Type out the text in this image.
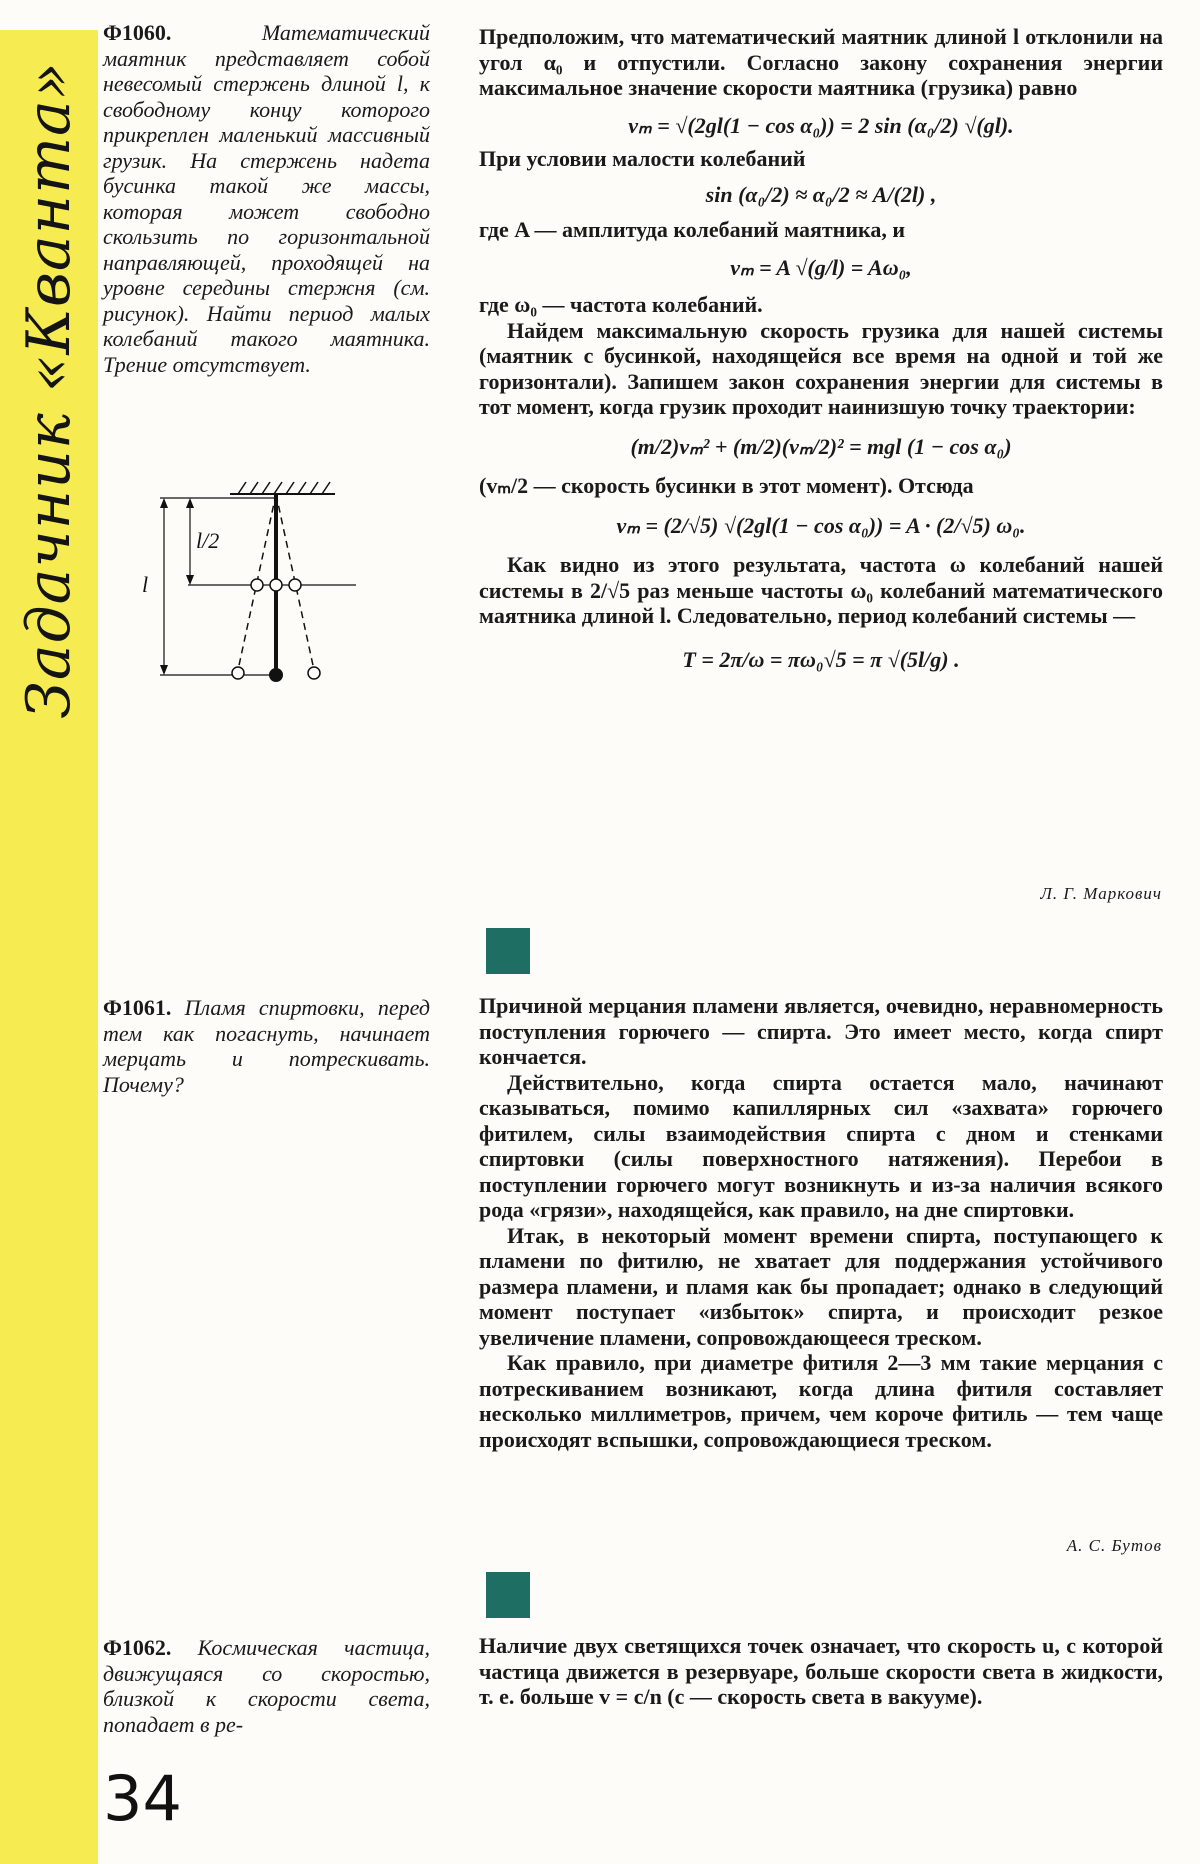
Задачник «Кванта»
Ф1060.	Математический маятник представляет собой невесомый стержень длиной l, к свободному концу которого прикреплен маленький массивный грузик. На стержень надета бусинка такой же массы, которая может свободно скользить по горизонтальной направляющей, проходящей на уровне середины стержня (см. рисунок). Найти период малых колебаний такого маятника. Трение отсутствует.
l
l/2

Предположим, что математический маятник длиной l отклонили на угол α₀ и отпустили. Согласно закону сохранения энергии максимальное значение скорости маятника (грузика) равно

vₘ = √(2gl(1 − cos α₀)) = 2 sin (α₀/2) √(gl).

При условии малости колебаний

sin (α₀/2) ≈ α₀/2 ≈ A/(2l) ,

где A — амплитуда колебаний маятника, и

vₘ = A √(g/l) = Aω₀,

где ω₀ — частота колебаний.

Найдем максимальную скорость грузика для нашей системы (маятник с бусинкой, находящейся все время на одной и той же горизонтали). Запишем закон сохранения энергии для системы в тот момент, когда грузик проходит наинизшую точку траектории:

(m/2)vₘ² + (m/2)(vₘ/2)² = mgl (1 − cos α₀)

(vₘ/2 — скорость бусинки в этот момент). Отсюда

vₘ = (2/√5) √(2gl(1 − cos α₀)) = A · (2/√5) ω₀.

Как видно из этого результата, частота ω колебаний нашей системы в 2/√5 раз меньше частоты ω₀ колебаний математического маятника длиной l. Следовательно, период колебаний системы —

T = 2π/ω = πω₀√5 = π √(5l/g) .
Л. Г. Маркович
Ф1061. Пламя спиртовки, перед тем как погаснуть, начинает мерцать и потрескивать. Почему?

Причиной мерцания пламени является, очевидно, неравномерность поступления горючего — спирта. Это имеет место, когда спирт кончается.

Действительно, когда спирта остается мало, начинают сказываться, помимо капиллярных сил «захвата» горючего фитилем, силы взаимодействия спирта с дном и стенками спиртовки (силы поверхностного натяжения). Перебои в поступлении горючего могут возникнуть и из-за наличия всякого рода «грязи», находящейся, как правило, на дне спиртовки.

Итак, в некоторый момент времени спирта, поступающего к пламени по фитилю, не хватает для поддержания устойчивого размера пламени, и пламя как бы пропадает; однако в следующий момент поступает «избыток» спирта, и происходит резкое увеличение пламени, сопровождающееся треском.

Как правило, при диаметре фитиля 2—3 мм такие мерцания с потрескиванием возникают, когда длина фитиля составляет несколько миллиметров, причем, чем короче фитиль — тем чаще происходят вспышки, сопровождающиеся треском.

А. С. Бутов
Ф1062. Космическая частица, движущаяся со скоростью, близкой к скорости света, попадает в ре-

Наличие двух светящихся точек означает, что скорость u, с которой частица движется в резервуаре, больше скорости света в жидкости, т. е. больше v = c/n (c — скорость света в вакууме).

34
